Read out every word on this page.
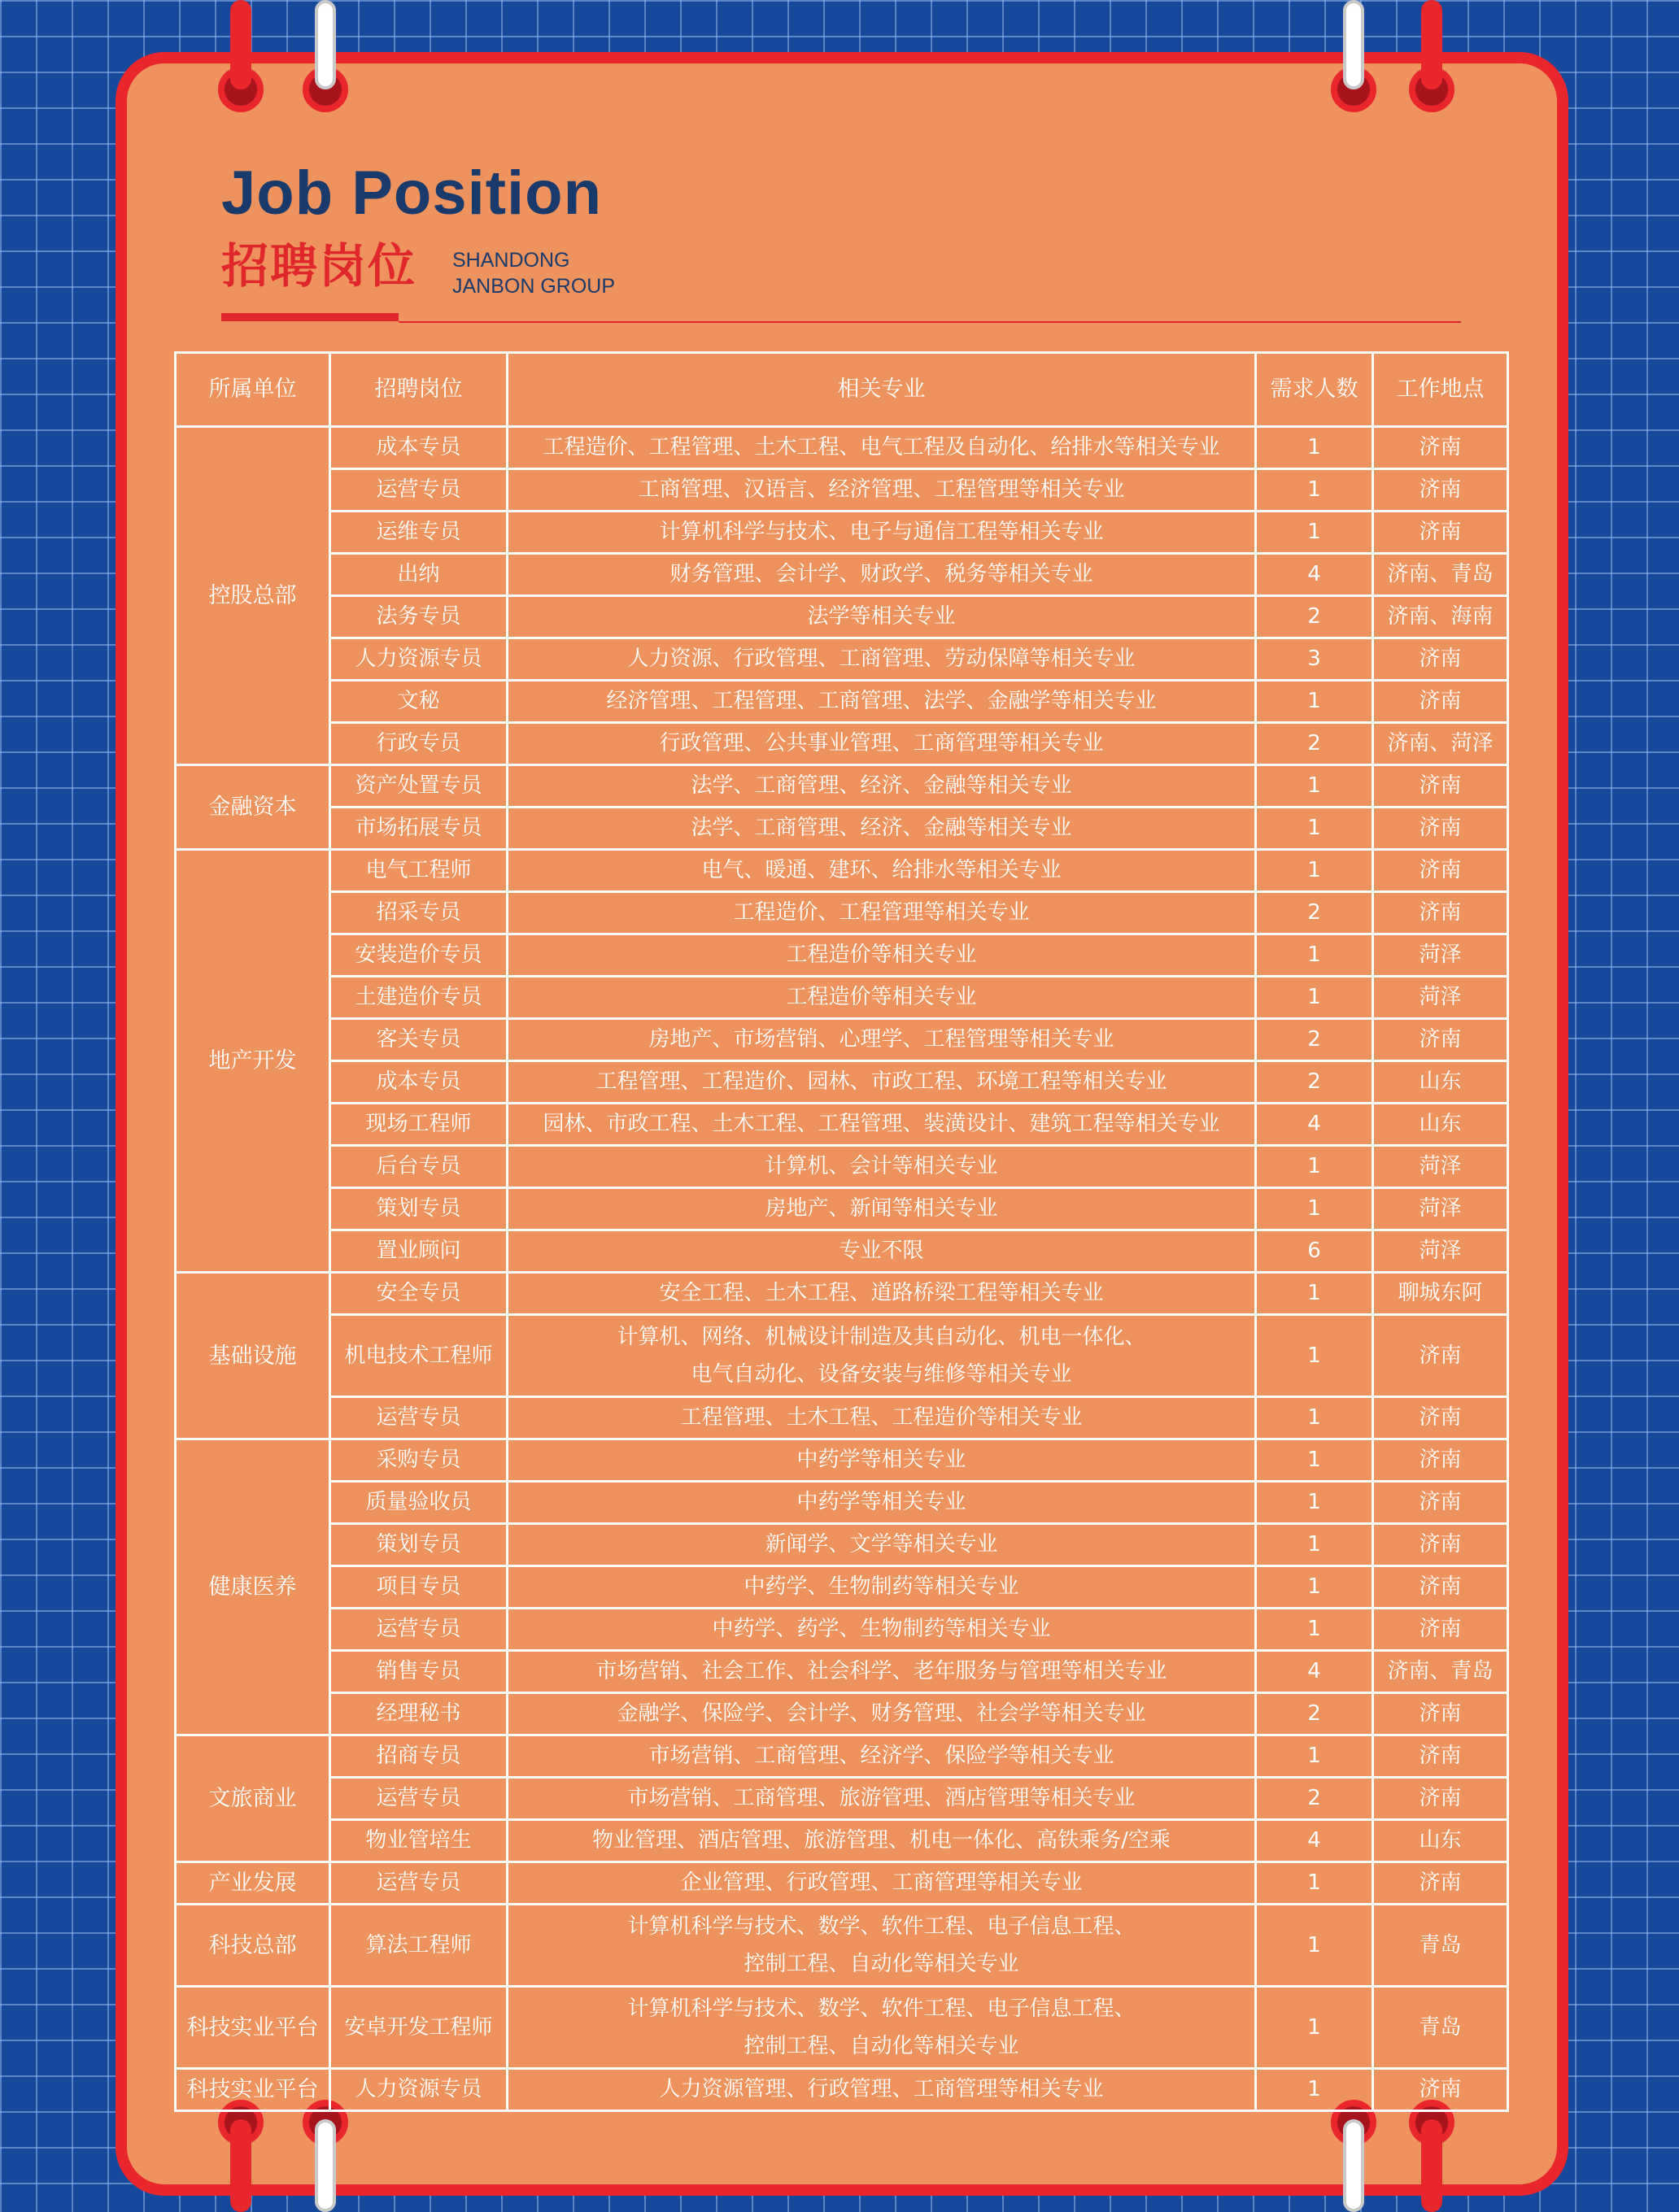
Job Position
招聘岗位 SHANDONG
JANBON GROUP
所属单位	招聘岗位	相关专业	需求人数	工作地点
控股总部	成本专员	工程造价、工程管理、土木工程、电气工程及自动化、给排水等相关专业	1	济南
	运营专员	工商管理、汉语言、经济管理、工程管理等相关专业	1	济南
	运维专员	计算机科学与技术、电子与通信工程等相关专业	1	济南
	出纳	财务管理、会计学、财政学、税务等相关专业	4	济南、青岛
	法务专员	法学等相关专业	2	济南、海南
	人力资源专员	人力资源、行政管理、工商管理、劳动保障等相关专业	3	济南
	文秘	经济管理、工程管理、工商管理、法学、金融学等相关专业	1	济南
	行政专员	行政管理、公共事业管理、工商管理等相关专业	2	济南、菏泽
金融资本	资产处置专员	法学、工商管理、经济、金融等相关专业	1	济南
	市场拓展专员	法学、工商管理、经济、金融等相关专业	1	济南
地产开发	电气工程师	电气、暖通、建环、给排水等相关专业	1	济南
	招采专员	工程造价、工程管理等相关专业	2	济南
	安装造价专员	工程造价等相关专业	1	菏泽
	土建造价专员	工程造价等相关专业	1	菏泽
	客关专员	房地产、市场营销、心理学、工程管理等相关专业	2	济南
	成本专员	工程管理、工程造价、园林、市政工程、环境工程等相关专业	2	山东
	现场工程师	园林、市政工程、土木工程、工程管理、装潢设计、建筑工程等相关专业	4	山东
	后台专员	计算机、会计等相关专业	1	菏泽
	策划专员	房地产、新闻等相关专业	1	菏泽
	置业顾问	专业不限	6	菏泽
基础设施	安全专员	安全工程、土木工程、道路桥梁工程等相关专业	1	聊城东阿
	机电技术工程师	计算机、网络、机械设计制造及其自动化、机电一体化、
电气自动化、设备安装与维修等相关专业	1	济南
	运营专员	工程管理、土木工程、工程造价等相关专业	1	济南
健康医养	采购专员	中药学等相关专业	1	济南
	质量验收员	中药学等相关专业	1	济南
	策划专员	新闻学、文学等相关专业	1	济南
	项目专员	中药学、生物制药等相关专业	1	济南
	运营专员	中药学、药学、生物制药等相关专业	1	济南
	销售专员	市场营销、社会工作、社会科学、老年服务与管理等相关专业	4	济南、青岛
	经理秘书	金融学、保险学、会计学、财务管理、社会学等相关专业	2	济南
文旅商业	招商专员	市场营销、工商管理、经济学、保险学等相关专业	1	济南
	运营专员	市场营销、工商管理、旅游管理、酒店管理等相关专业	2	济南
	物业管培生	物业管理、酒店管理、旅游管理、机电一体化、高铁乘务/空乘	4	山东
产业发展	运营专员	企业管理、行政管理、工商管理等相关专业	1	济南
科技总部	算法工程师	计算机科学与技术、数学、软件工程、电子信息工程、
控制工程、自动化等相关专业	1	青岛
科技实业平台	安卓开发工程师	计算机科学与技术、数学、软件工程、电子信息工程、
控制工程、自动化等相关专业	1	青岛
科技实业平台	人力资源专员	人力资源管理、行政管理、工商管理等相关专业	1	济南
